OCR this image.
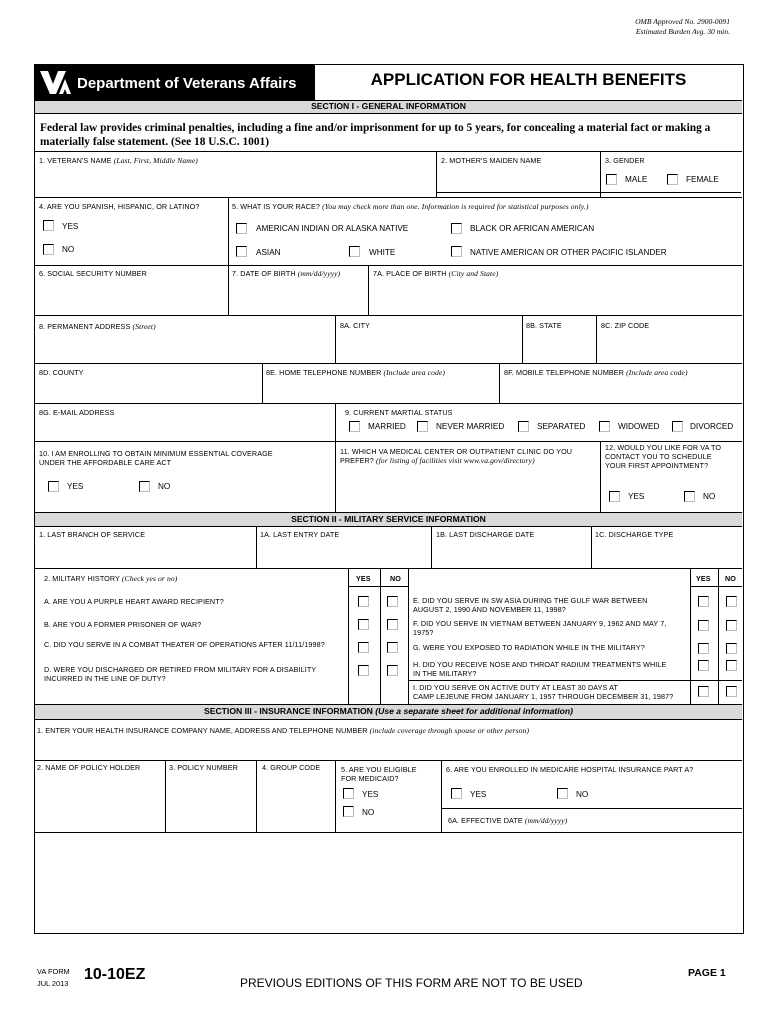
OMB Approved No. 2900-0091
Estimated Burden Avg. 30 min.
Department of Veterans Affairs	APPLICATION FOR HEALTH BENEFITS
SECTION I - GENERAL INFORMATION
Federal law provides criminal penalties, including a fine and/or imprisonment for up to 5 years, for concealing a material fact or making a materially false statement. (See 18 U.S.C. 1001)
1. VETERAN'S NAME (Last, First, Middle Name)	2. MOTHER'S MAIDEN NAME	3. GENDER
MALE	FEMALE
4. ARE YOU SPANISH, HISPANIC, OR LATINO?
YES
NO
5. WHAT IS YOUR RACE? (You may check more than one. Information is required for statistical purposes only.)
AMERICAN INDIAN OR ALASKA NATIVE	BLACK OR AFRICAN AMERICAN
ASIAN	WHITE	NATIVE AMERICAN OR OTHER PACIFIC ISLANDER
6. SOCIAL SECURITY NUMBER	7. DATE OF BIRTH (mm/dd/yyyy)	7A. PLACE OF BIRTH (City and State)
8. PERMANENT ADDRESS (Street)	8A. CITY	8B. STATE	8C. ZIP CODE
8D. COUNTY	8E. HOME TELEPHONE NUMBER (Include area code)	8F. MOBILE TELEPHONE NUMBER (Include area code)
8G. E-MAIL ADDRESS	9. CURRENT MARTIAL STATUS
MARRIED	NEVER MARRIED	SEPARATED	WIDOWED	DIVORCED
10. I AM ENROLLING TO OBTAIN MINIMUM ESSENTIAL COVERAGE
UNDER THE AFFORDABLE CARE ACT
YES	NO
11. WHICH VA MEDICAL CENTER OR OUTPATIENT CLINIC DO YOU
PREFER? (for listing of facilities visit www.va.gov/directory)
12. WOULD YOU LIKE FOR VA TO
CONTACT YOU TO SCHEDULE
YOUR FIRST APPOINTMENT?
YES	NO
SECTION II - MILITARY SERVICE INFORMATION
1. LAST BRANCH OF SERVICE	1A. LAST ENTRY DATE	1B. LAST DISCHARGE DATE	1C. DISCHARGE TYPE
2. MILITARY HISTORY (Check yes or no)	YES	NO	YES NO
A. ARE YOU A PURPLE HEART AWARD RECIPIENT?
B. ARE YOU A FORMER PRISONER OF WAR?
C. DID YOU SERVE IN A COMBAT THEATER OF OPERATIONS AFTER 11/11/1998?
D. WERE YOU DISCHARGED OR RETIRED FROM MILITARY FOR A DISABILITY
INCURRED IN THE LINE OF DUTY?
E. DID YOU SERVE IN SW ASIA DURING THE GULF WAR BETWEEN
AUGUST 2, 1990 AND NOVEMBER 11, 1998?
F. DID YOU SERVE IN VIETNAM BETWEEN JANUARY 9, 1962 AND MAY 7,
1975?
G. WERE YOU EXPOSED TO RADIATION WHILE IN THE MILITARY?
H. DID YOU RECEIVE NOSE AND THROAT RADIUM TREATMENTS WHILE
IN THE MILITARY?
I. DID YOU SERVE ON ACTIVE DUTY AT LEAST 30 DAYS AT
CAMP LEJEUNE FROM JANUARY 1, 1957 THROUGH DECEMBER 31, 1987?
SECTION III - INSURANCE INFORMATION (Use a separate sheet for additional information)
1. ENTER YOUR HEALTH INSURANCE COMPANY NAME, ADDRESS AND TELEPHONE NUMBER (include coverage through spouse or other person)
2. NAME OF POLICY HOLDER	3. POLICY NUMBER	4. GROUP CODE	5. ARE YOU ELIGIBLE
FOR MEDICAID?
YES
NO
6. ARE YOU ENROLLED IN MEDICARE HOSPITAL INSURANCE PART A?
YES	NO
6A. EFFECTIVE DATE (mm/dd/yyyy)
VA FORM
JUL 2013
10-10EZ	PREVIOUS EDITIONS OF THIS FORM ARE NOT TO BE USED
PAGE 1
